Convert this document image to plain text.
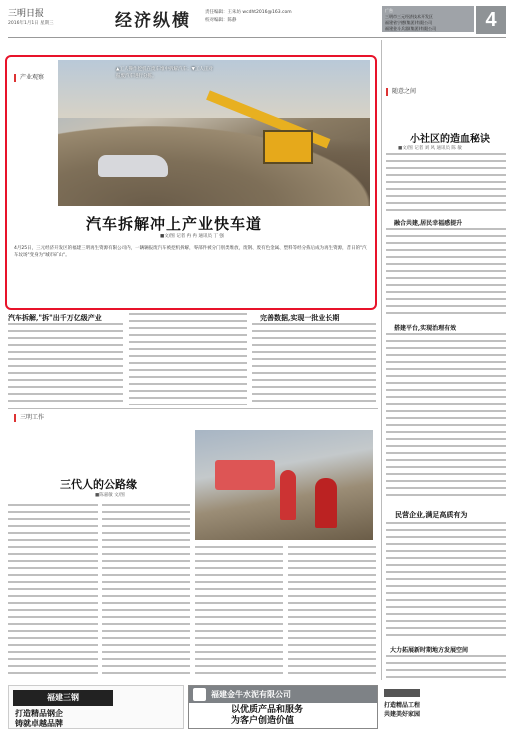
三明日报
2016年1月1日 星期三	经济纵横	责任编辑：王朱坊 wcdht2016@163.com
校对编辑：陈静
广告
三明市三元经济技术开发区
福建省宁德(集团)有限公司
福建金斗兵器(集团)有限公司	4
产业观察
▲工人操作挖机在废车堆中拆解汽车；▼工人正对报废汽车进行分拣。
汽车拆解冲上产业快车道
■文/图 记者 冉 冉 通讯员 丁 强
4月25日，三元经济开发区的福建三明再生资源有限公司内，一辆辆报废汽车被挖机拆解，零部件被分门别类堆放，废钢、废有色金属、塑料等经分拣后成为再生资源，昔日的"汽车坟场"变身为"城市矿山"。
汽车拆解,"拆"出千万亿级产业	完善数据,实现一批业长期
随意之间
小社区的造血秘诀
■文/图 记者 刘 风 通讯员 陈 敏
融合共建,居民幸福感提升
搭建平台,实现治理有效
民营企业,满足高质有为
大力拓展新时期地方发展空间
三明工作
三代人的公路缘
■陈嘉敏 文/图
福建三钢
打造精品钢企
铸就卓越品牌
福建金牛水泥有限公司
以优质产品和服务
为客户创造价值
打造精品工程
共建美好家园
